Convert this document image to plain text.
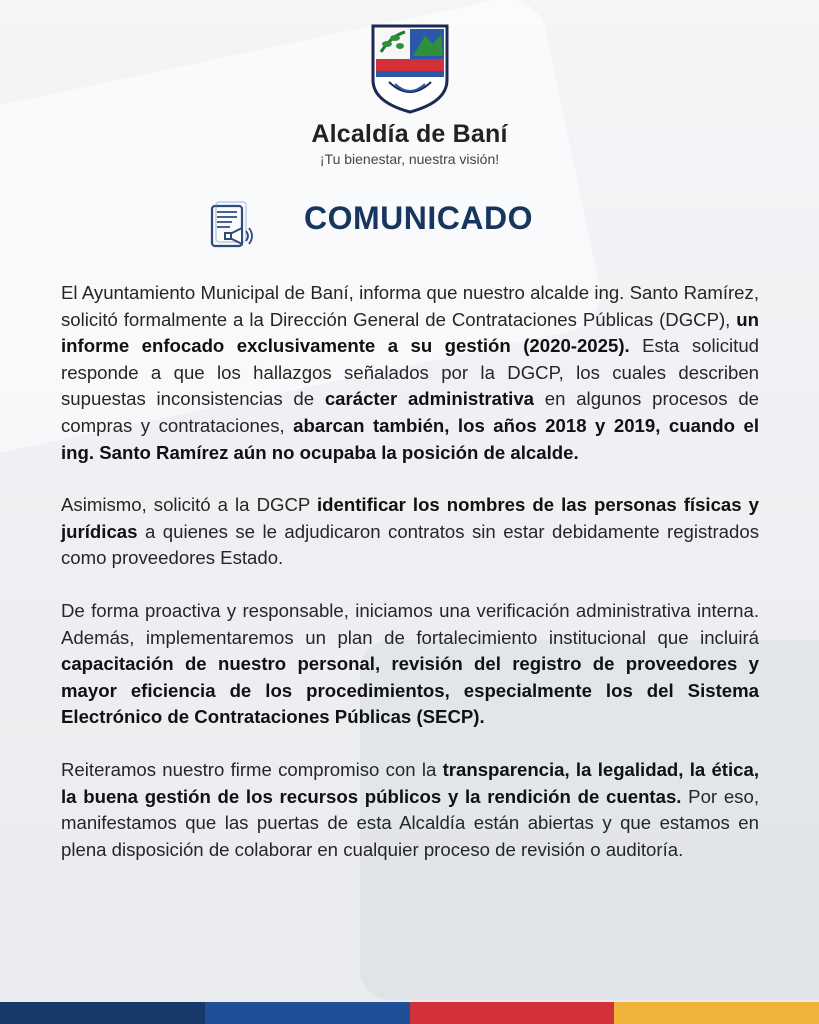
Alcaldía de Baní
¡Tu bienestar, nuestra visión!
COMUNICADO

El Ayuntamiento Municipal de Baní, informa que nuestro alcalde ing. Santo Ramírez, solicitó formalmente a la Dirección General de Contrataciones Públicas (DGCP), un informe enfocado exclusivamente a su gestión (2020-2025). Esta solicitud responde a que los hallazgos señalados por la DGCP, los cuales describen supuestas inconsistencias de carácter administrativa en algunos procesos de compras y contrataciones, abarcan también, los años 2018 y 2019, cuando el ing. Santo Ramírez aún no ocupaba la posición de alcalde.

Asimismo, solicitó a la DGCP identificar los nombres de las personas físicas y jurídicas a quienes se le adjudicaron contratos sin estar debidamente registrados como proveedores Estado.

De forma proactiva y responsable, iniciamos una verificación administrativa interna. Además, implementaremos un plan de fortalecimiento institucional que incluirá capacitación de nuestro personal, revisión del registro de proveedores y mayor eficiencia de los procedimientos, especialmente los del Sistema Electrónico de Contrataciones Públicas (SECP).

Reiteramos nuestro firme compromiso con la transparencia, la legalidad, la ética, la buena gestión de los recursos públicos y la rendición de cuentas. Por eso, manifestamos que las puertas de esta Alcaldía están abiertas y que estamos en plena disposición de colaborar en cualquier proceso de revisión o auditoría.
